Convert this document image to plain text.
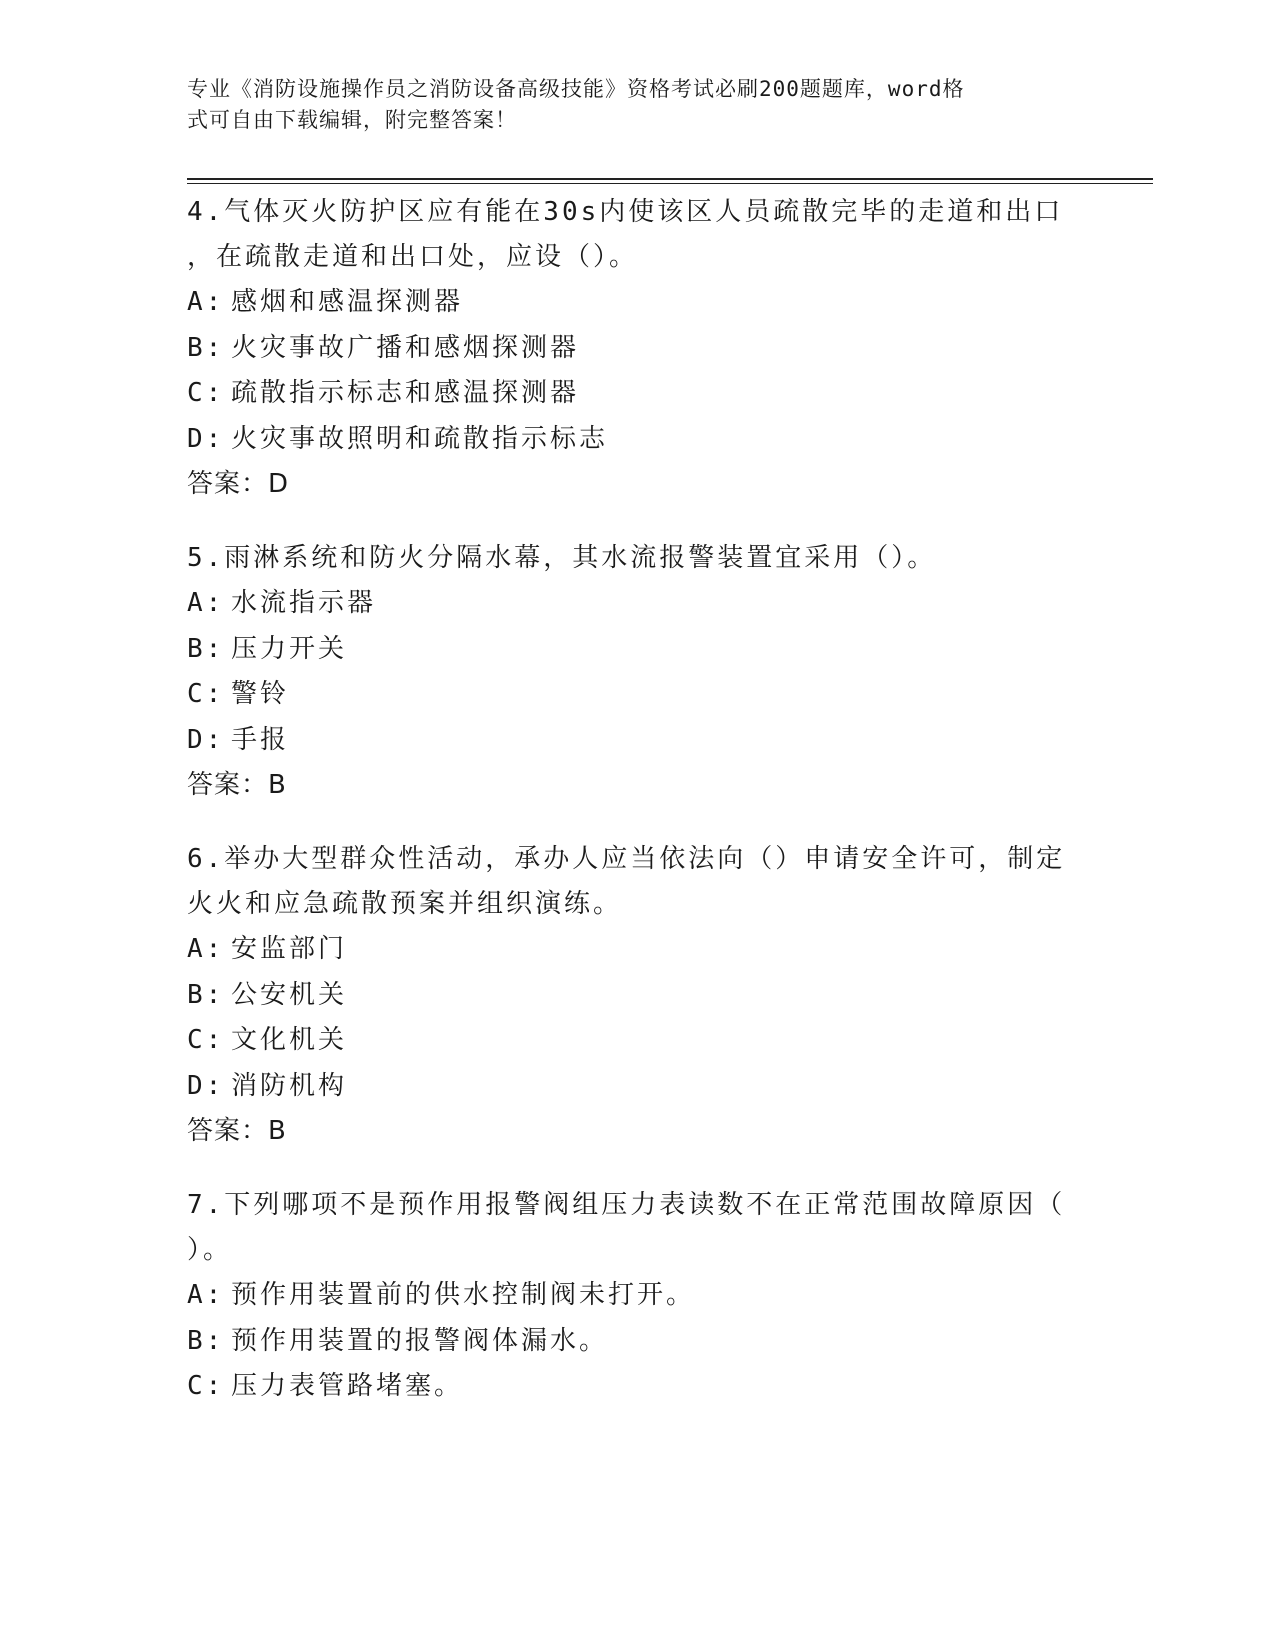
专业《消防设施操作员之消防设备高级技能》资格考试必刷200题题库，word格
式可自由下载编辑，附完整答案！
4.气体灭火防护区应有能在30s内使该区人员疏散完毕的走道和出口
，在疏散走道和出口处，应设（）。
A: 感烟和感温探测器
B: 火灾事故广播和感烟探测器
C: 疏散指示标志和感温探测器
D: 火灾事故照明和疏散指示标志
答案：D
5.雨淋系统和防火分隔水幕，其水流报警装置宜采用（）。
A: 水流指示器
B: 压力开关
C: 警铃
D: 手报
答案：B
6.举办大型群众性活动，承办人应当依法向（）申请安全许可，制定
火火和应急疏散预案并组织演练。
A: 安监部门
B: 公安机关
C: 文化机关
D: 消防机构
答案：B
7.下列哪项不是预作用报警阀组压力表读数不在正常范围故障原因（
）。
A: 预作用装置前的供水控制阀未打开。
B: 预作用装置的报警阀体漏水。
C: 压力表管路堵塞。
